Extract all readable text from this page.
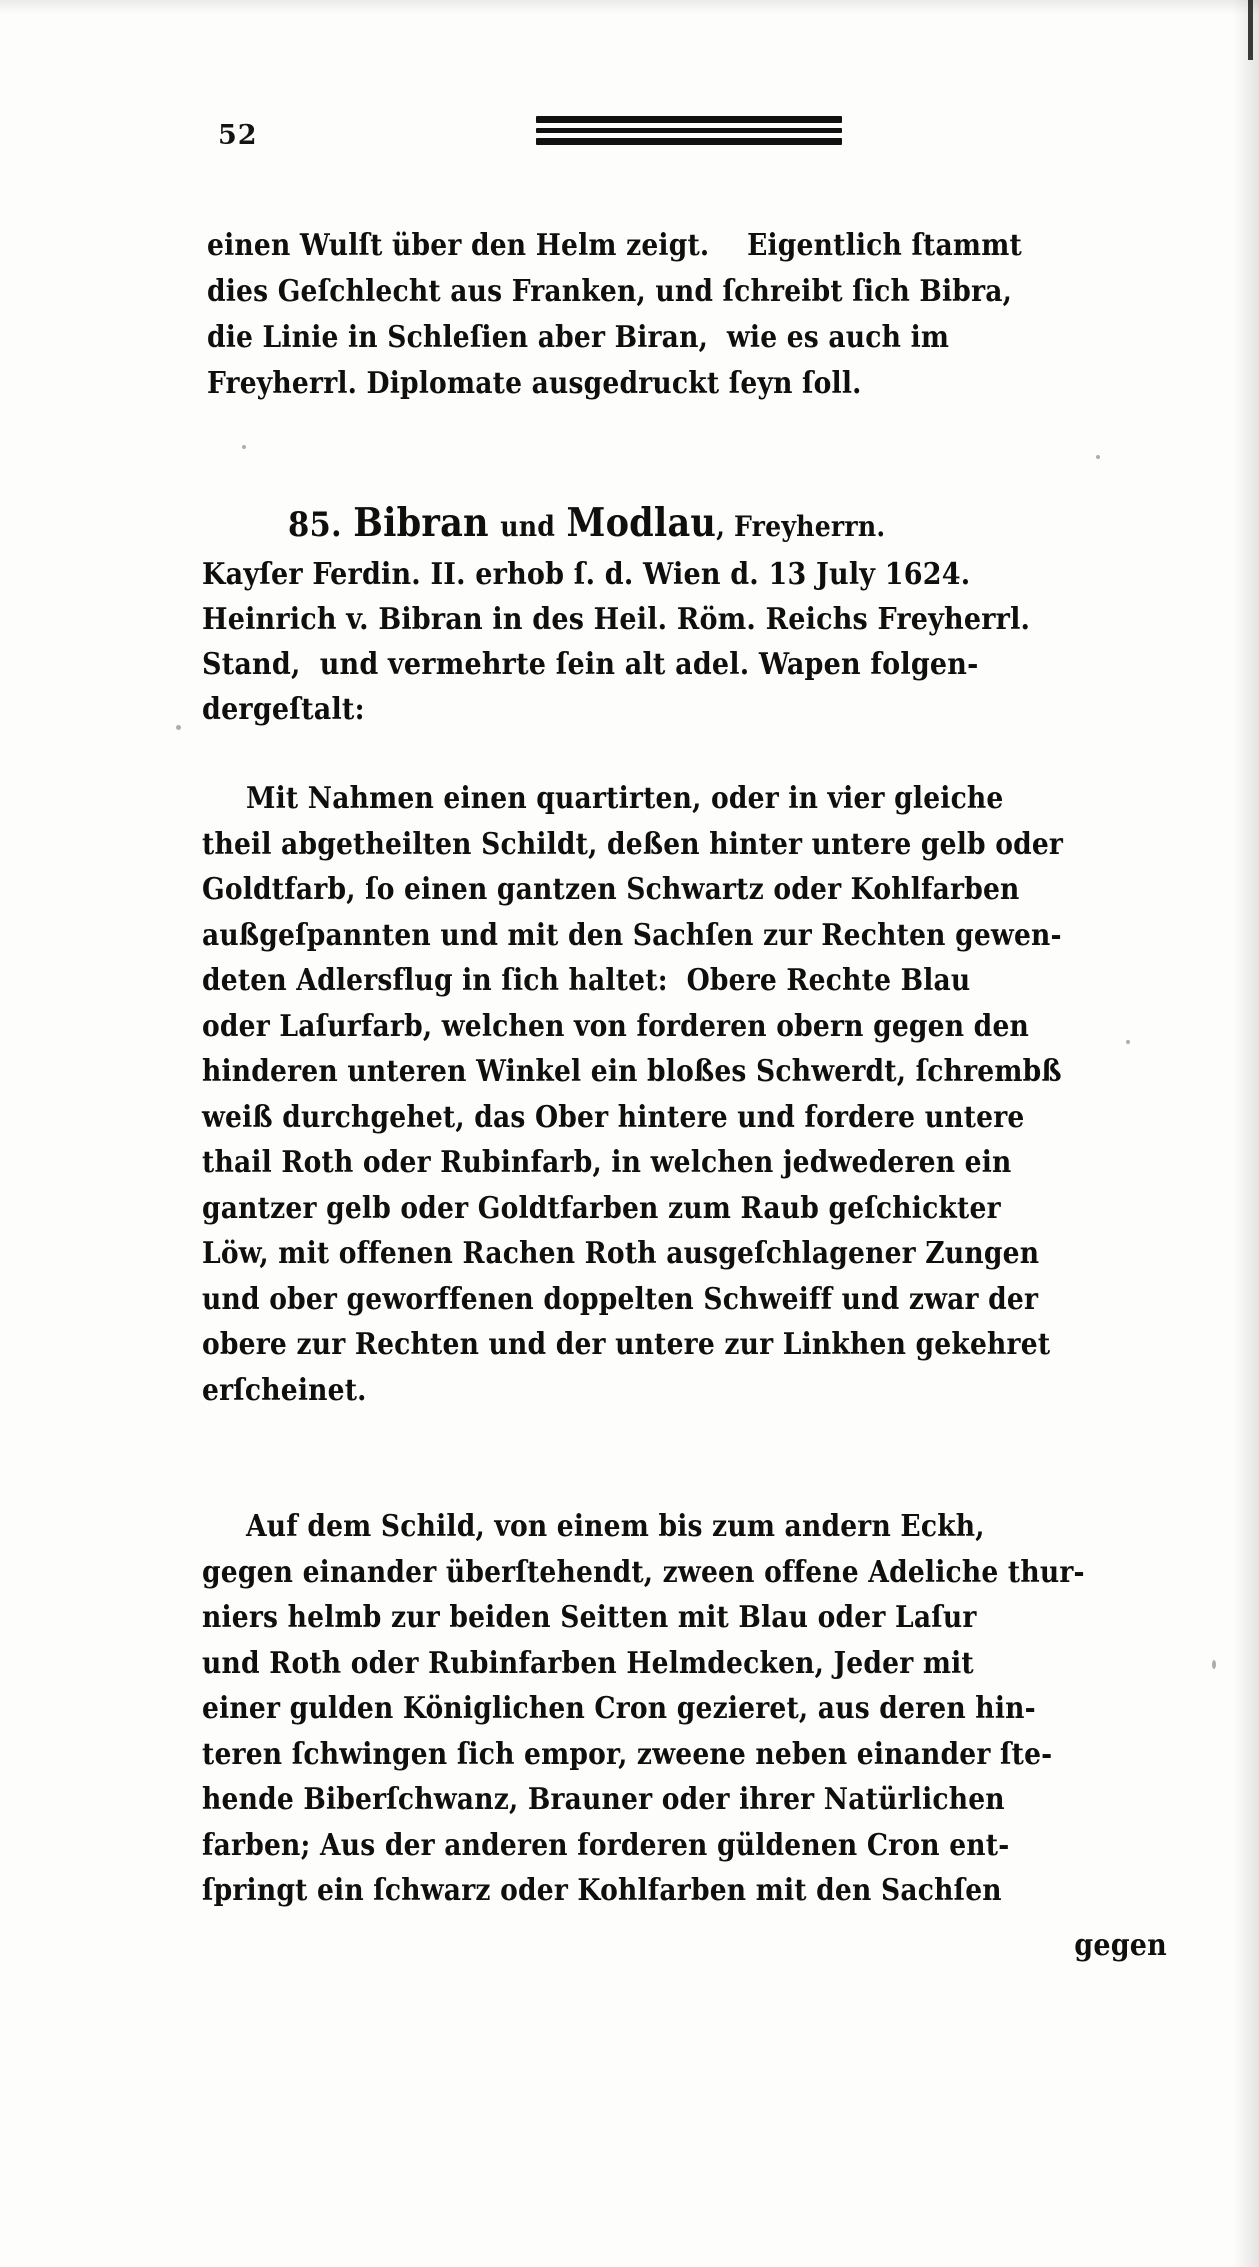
52
einen Wulſt über den Helm zeigt.    Eigentlich ſtammt
dies Geſchlecht aus Franken, und ſchreibt ſich Bibra,
die Linie in Schleſien aber Biran,  wie es auch im
Freyherrl. Diplomate ausgedruckt ſeyn ſoll.
85. Bibran und Modlau, Freyherrn.
Kayſer Ferdin. II. erhob ſ. d. Wien d. 13 July 1624.
Heinrich v. Bibran in des Heil. Röm. Reichs Freyherrl.
Stand,  und vermehrte ſein alt adel. Wapen folgen-
dergeſtalt:
Mit Nahmen einen quartirten, oder in vier gleiche
theil abgetheilten Schildt, deßen hinter untere gelb oder
Goldtfarb, ſo einen gantzen Schwartz oder Kohlfarben
außgeſpannten und mit den Sachſen zur Rechten gewen-
deten Adlersflug in ſich haltet:  Obere Rechte Blau
oder Laſurfarb, welchen von forderen obern gegen den
hinderen unteren Winkel ein bloßes Schwerdt, ſchrembß
weiß durchgehet, das Ober hintere und fordere untere
thail Roth oder Rubinfarb, in welchen jedwederen ein
gantzer gelb oder Goldtfarben zum Raub geſchickter
Löw, mit offenen Rachen Roth ausgeſchlagener Zungen
und ober geworffenen doppelten Schweiff und zwar der
obere zur Rechten und der untere zur Linkhen gekehret
erſcheinet.
Auf dem Schild, von einem bis zum andern Eckh,
gegen einander überſtehendt, zween offene Adeliche thur-
niers helmb zur beiden Seitten mit Blau oder Laſur
und Roth oder Rubinfarben Helmdecken, Jeder mit
einer gulden Königlichen Cron gezieret, aus deren hin-
teren ſchwingen ſich empor, zweene neben einander ſte-
hende Biberſchwanz, Brauner oder ihrer Natürlichen
farben; Aus der anderen forderen güldenen Cron ent-
ſpringt ein ſchwarz oder Kohlfarben mit den Sachſen
gegen
